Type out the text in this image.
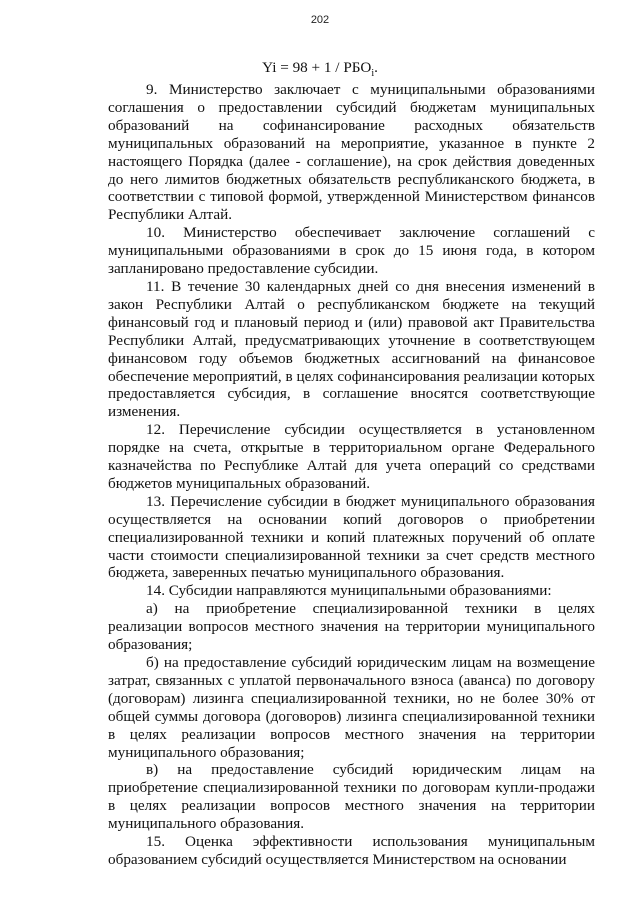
202
$Yi = 98 + 1 / РБО_i$.

9. Министерство заключает с муниципальными образованиями соглашения о предоставлении субсидий бюджетам муниципальных образований на софинансирование расходных обязательств муниципальных образований на мероприятие, указанное в пункте 2 настоящего Порядка (далее - соглашение), на срок действия доведенных до него лимитов бюджетных обязательств республиканского бюджета, в соответствии с типовой формой, утвержденной Министерством финансов Республики Алтай.

10. Министерство обеспечивает заключение соглашений с муниципальными образованиями в срок до 15 июня года, в котором запланировано предоставление субсидии.

11. В течение 30 календарных дней со дня внесения изменений в закон Республики Алтай о республиканском бюджете на текущий финансовый год и плановый период и (или) правовой акт Правительства Республики Алтай, предусматривающих уточнение в соответствующем финансовом году объемов бюджетных ассигнований на финансовое обеспечение мероприятий, в целях софинансирования реализации которых предоставляется субсидия, в соглашение вносятся соответствующие изменения.

12. Перечисление субсидии осуществляется в установленном порядке на счета, открытые в территориальном органе Федерального казначейства по Республике Алтай для учета операций со средствами бюджетов муниципальных образований.

13. Перечисление субсидии в бюджет муниципального образования осуществляется на основании копий договоров о приобретении специализированной техники и копий платежных поручений об оплате части стоимости специализированной техники за счет средств местного бюджета, заверенных печатью муниципального образования.

14. Субсидии направляются муниципальными образованиями:

а) на приобретение специализированной техники в целях реализации вопросов местного значения на территории муниципального образования;

б) на предоставление субсидий юридическим лицам на возмещение затрат, связанных с уплатой первоначального взноса (аванса) по договору (договорам) лизинга специализированной техники, но не более 30% от общей суммы договора (договоров) лизинга специализированной техники в целях реализации вопросов местного значения на территории муниципального образования;

в) на предоставление субсидий юридическим лицам на приобретение специализированной техники по договорам купли-продажи в целях реализации вопросов местного значения на территории муниципального образования.

15. Оценка эффективности использования муниципальным образованием субсидий осуществляется Министерством на основании
